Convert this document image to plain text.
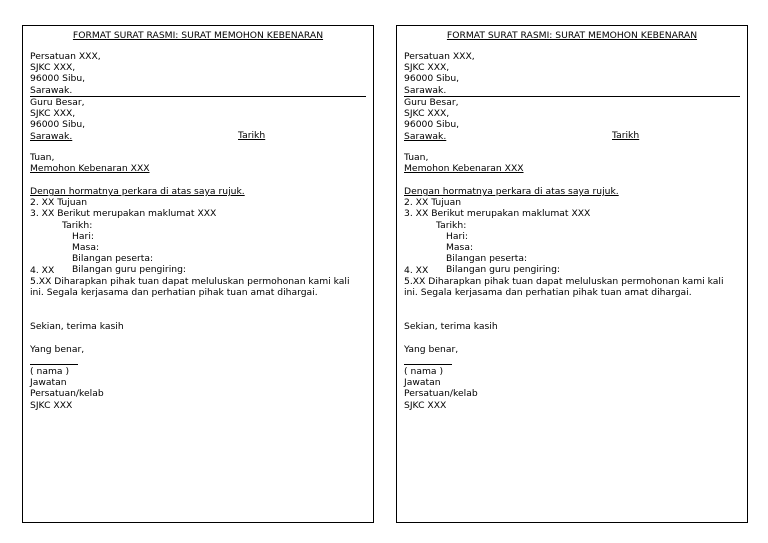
FORMAT SURAT RASMI: SURAT MEMOHON KEBENARAN
Persatuan XXX,
SJKC XXX,
96000 Sibu,
Sarawak.
Guru Besar,
SJKC XXX,
96000 Sibu,
Sarawak.	Tarikh
Tuan,
Memohon Kebenaran XXX
Dengan hormatnya perkara di atas saya rujuk.
2. XX Tujuan
3. XX Berikut merupakan maklumat XXX
Tarikh:
Hari:
Masa:
Bilangan peserta:
Bilangan guru pengiring:
4. XX
5.XX Diharapkan pihak tuan dapat meluluskan permohonan kami kali ini. Segala kerjasama dan perhatian pihak tuan amat dihargai.
Sekian, terima kasih
Yang benar,
( nama )
Jawatan
Persatuan/kelab
SJKC XXX
FORMAT SURAT RASMI: SURAT MEMOHON KEBENARAN
Persatuan XXX,
SJKC XXX,
96000 Sibu,
Sarawak.
Guru Besar,
SJKC XXX,
96000 Sibu,
Sarawak.	Tarikh
Tuan,
Memohon Kebenaran XXX
Dengan hormatnya perkara di atas saya rujuk.
2. XX Tujuan
3. XX Berikut merupakan maklumat XXX
Tarikh:
Hari:
Masa:
Bilangan peserta:
Bilangan guru pengiring:
4. XX
5.XX Diharapkan pihak tuan dapat meluluskan permohonan kami kali ini. Segala kerjasama dan perhatian pihak tuan amat dihargai.
Sekian, terima kasih
Yang benar,
( nama )
Jawatan
Persatuan/kelab
SJKC XXX
